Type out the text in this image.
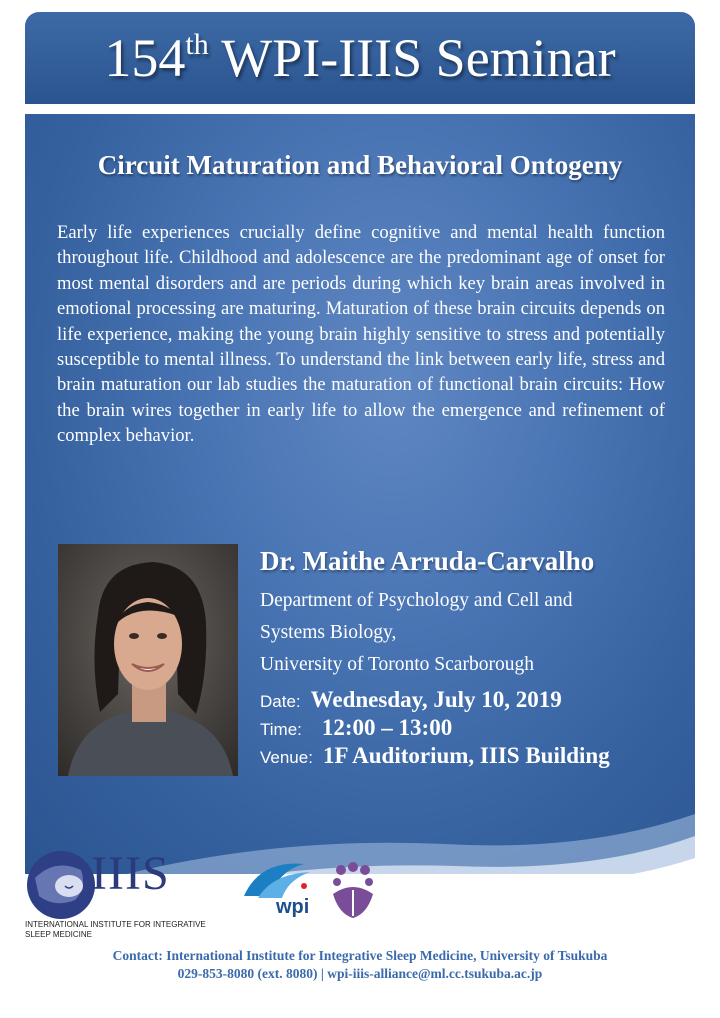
154th WPI-IIIS Seminar
Circuit Maturation and Behavioral Ontogeny
Early life experiences crucially define cognitive and mental health function throughout life. Childhood and adolescence are the predominant age of onset for most mental disorders and are periods during which key brain areas involved in emotional processing are maturing. Maturation of these brain circuits depends on life experience, making the young brain highly sensitive to stress and potentially susceptible to mental illness. To understand the link between early life, stress and brain maturation our lab studies the maturation of functional brain circuits: How the brain wires together in early life to allow the emergence and refinement of complex behavior.
Dr. Maithe Arruda-Carvalho
Department of Psychology and Cell and
Systems Biology,
University of Toronto Scarborough
Date: Wednesday, July 10, 2019
Time: 12:00 – 13:00
Venue: 1F Auditorium, IIIS Building
IIIS
INTERNATIONAL INSTITUTE FOR INTEGRATIVE
SLEEP MEDICINE
wpi
Contact: International Institute for Integrative Sleep Medicine, University of Tsukuba
029-853-8080 (ext. 8080) | wpi-iiis-alliance@ml.cc.tsukuba.ac.jp
